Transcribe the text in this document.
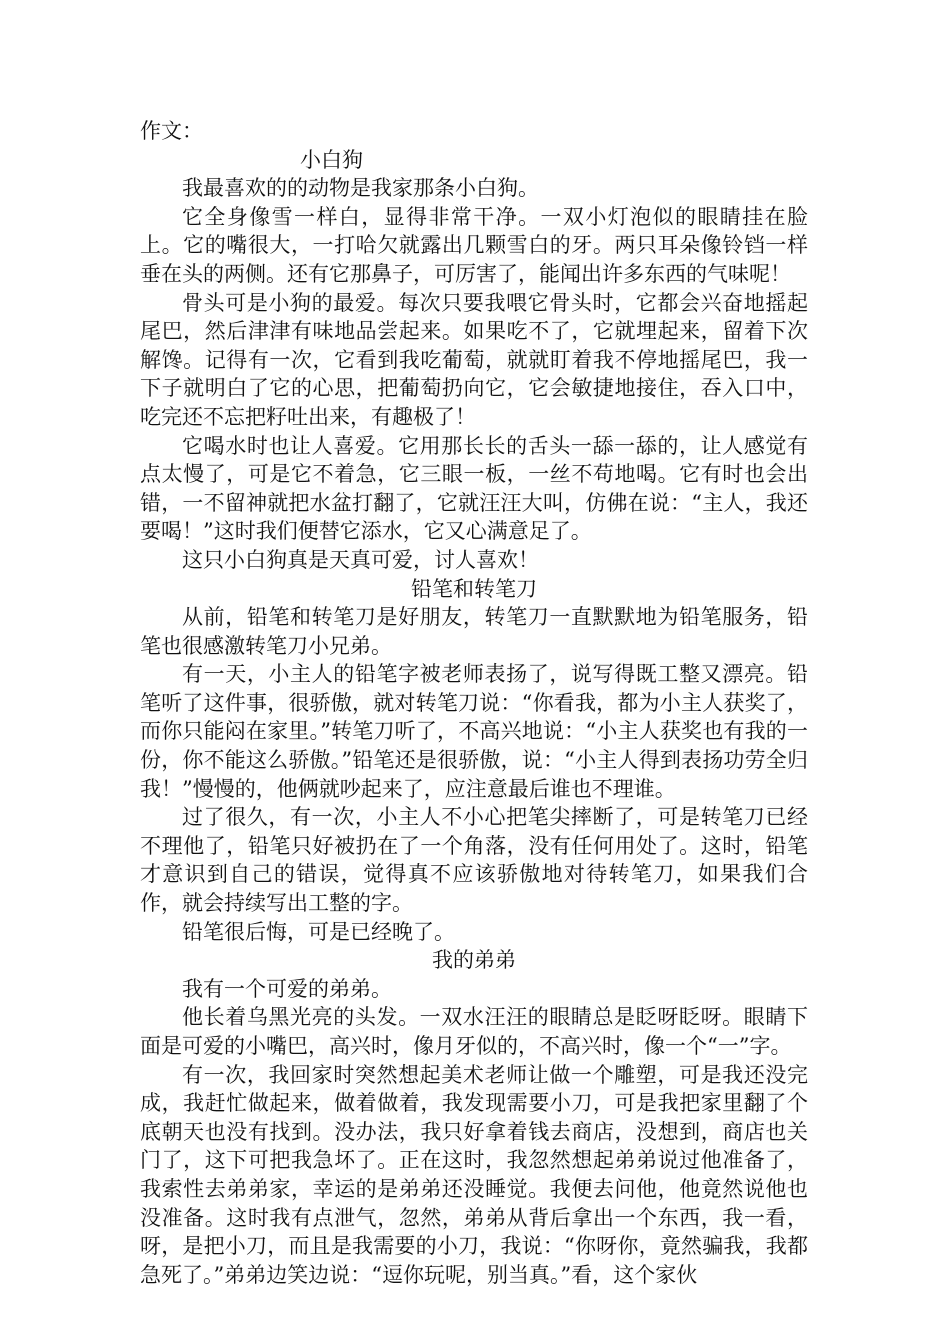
作文：

小白狗

我最喜欢的的动物是我家那条小白狗。

它全身像雪一样白，显得非常干净。一双小灯泡似的眼睛挂在脸上。它的嘴很大，一打哈欠就露出几颗雪白的牙。两只耳朵像铃铛一样垂在头的两侧。还有它那鼻子，可厉害了，能闻出许多东西的气味呢！

骨头可是小狗的最爱。每次只要我喂它骨头时，它都会兴奋地摇起尾巴，然后津津有味地品尝起来。如果吃不了，它就埋起来，留着下次解馋。记得有一次，它看到我吃葡萄，就就盯着我不停地摇尾巴，我一下子就明白了它的心思，把葡萄扔向它，它会敏捷地接住，吞入口中，吃完还不忘把籽吐出来，有趣极了！

它喝水时也让人喜爱。它用那长长的舌头一舔一舔的，让人感觉有点太慢了，可是它不着急，它三眼一板，一丝不苟地喝。它有时也会出错，一不留神就把水盆打翻了，它就汪汪大叫，仿佛在说：“主人，我还要喝！”这时我们便替它添水，它又心满意足了。

这只小白狗真是天真可爱，讨人喜欢！

铅笔和转笔刀

从前，铅笔和转笔刀是好朋友，转笔刀一直默默地为铅笔服务，铅笔也很感激转笔刀小兄弟。

有一天，小主人的铅笔字被老师表扬了，说写得既工整又漂亮。铅笔听了这件事，很骄傲，就对转笔刀说：“你看我，都为小主人获奖了，而你只能闷在家里。”转笔刀听了，不高兴地说：“小主人获奖也有我的一份，你不能这么骄傲。”铅笔还是很骄傲，说：“小主人得到表扬功劳全归我！”慢慢的，他俩就吵起来了，应注意最后谁也不理谁。

过了很久，有一次，小主人不小心把笔尖摔断了，可是转笔刀已经不理他了，铅笔只好被扔在了一个角落，没有任何用处了。这时，铅笔才意识到自己的错误，觉得真不应该骄傲地对待转笔刀，如果我们合作，就会持续写出工整的字。

铅笔很后悔，可是已经晚了。

我的弟弟

我有一个可爱的弟弟。

他长着乌黑光亮的头发。一双水汪汪的眼睛总是眨呀眨呀。眼睛下面是可爱的小嘴巴，高兴时，像月牙似的，不高兴时，像一个“一”字。

有一次，我回家时突然想起美术老师让做一个雕塑，可是我还没完成，我赶忙做起来，做着做着，我发现需要小刀，可是我把家里翻了个底朝天也没有找到。没办法，我只好拿着钱去商店，没想到，商店也关门了，这下可把我急坏了。正在这时，我忽然想起弟弟说过他准备了，我索性去弟弟家，幸运的是弟弟还没睡觉。我便去问他，他竟然说他也没准备。这时我有点泄气，忽然，弟弟从背后拿出一个东西，我一看，呀，是把小刀，而且是我需要的小刀，我说：“你呀你，竟然骗我，我都急死了。”弟弟边笑边说：“逗你玩呢，别当真。”看，这个家伙
